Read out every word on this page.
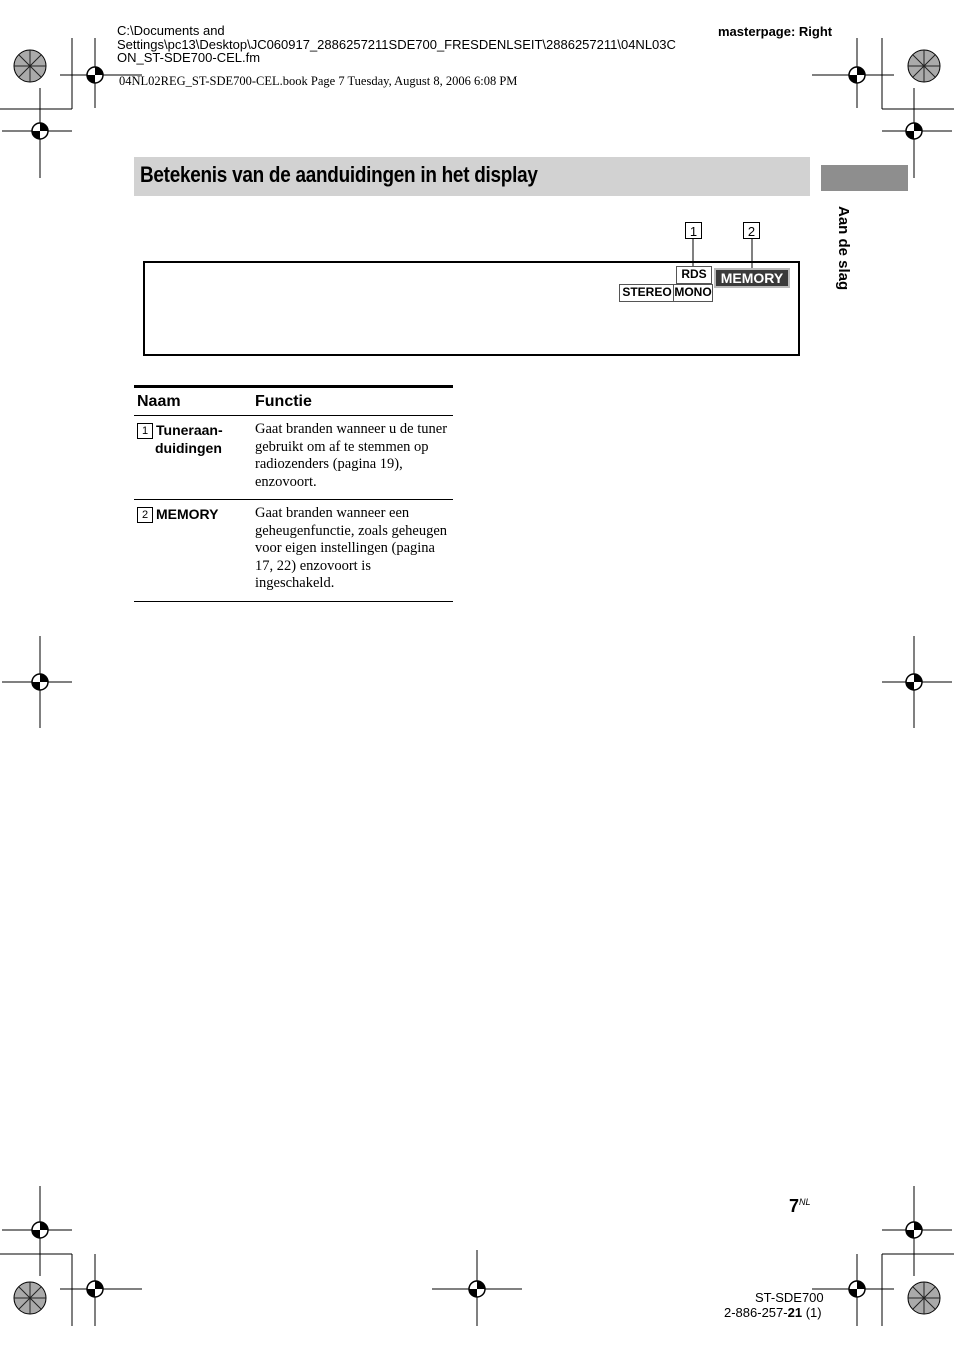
C:\Documents and
Settings\pc13\Desktop\JC060917_2886257211SDE700_FRESDENLSEIT\2886257211\04NL03C
ON_ST-SDE700-CEL.fm
masterpage: Right
04NL02REG_ST-SDE700-CEL.book Page 7 Tuesday, August 8, 2006 6:08 PM
Betekenis van de aanduidingen in het display
Aan de slag
1	2
RDS
STEREO MONO
MEMORY
Naam	Functie
1 Tuneraan-
duidingen	Gaat branden wanneer u de tuner gebruikt om af te stemmen op radiozenders (pagina 19), enzovoort.
2 MEMORY	Gaat branden wanneer een geheugenfunctie, zoals geheugen voor eigen instellingen (pagina 17, 22) enzovoort is ingeschakeld.
$7^{NL}$
ST-SDE700
2-886-257-21 (1)
